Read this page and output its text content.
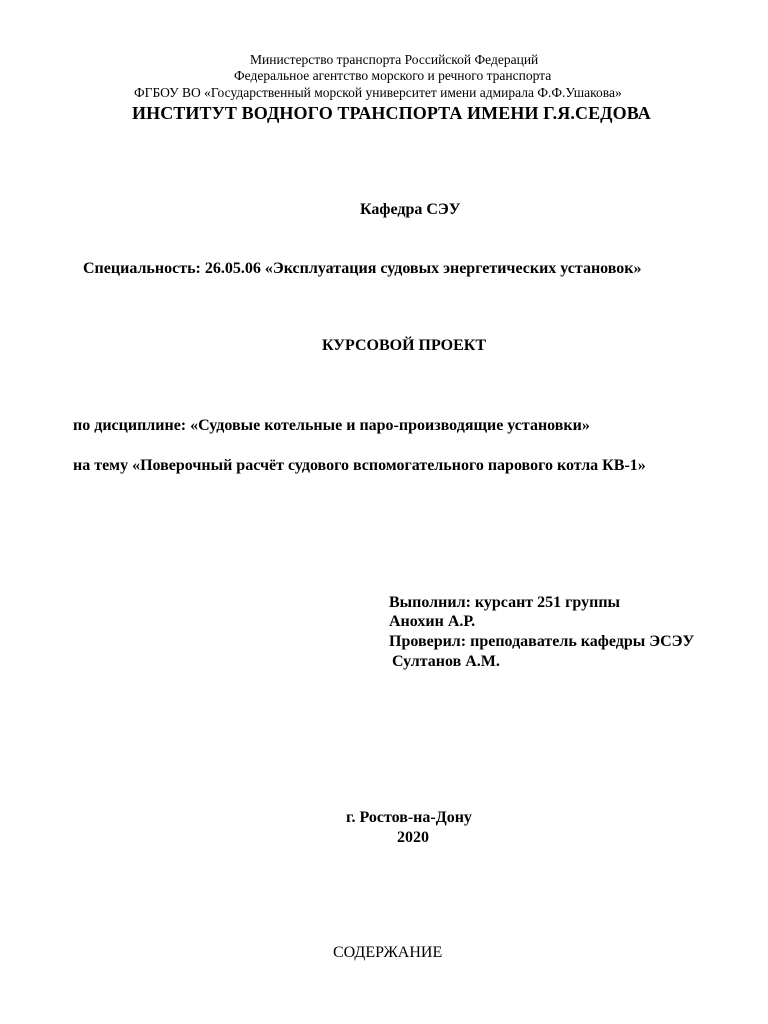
Министерство транспорта Российской Федераций
Федеральное агентство морского и речного транспорта
ФГБОУ ВО «Государственный морской университет имени адмирала Ф.Ф.Ушакова»
ИНСТИТУТ ВОДНОГО ТРАНСПОРТА ИМЕНИ Г.Я.СЕДОВА
Кафедра СЭУ
Специальность: 26.05.06 «Эксплуатация судовых энергетических установок»
КУРСОВОЙ ПРОЕКТ
по дисциплине: «Судовые котельные и паро-производящие установки»
на тему «Поверочный расчёт судового вспомогательного парового котла КВ-1»
Выполнил: курсант 251 группы
Анохин А.Р.
Проверил: преподаватель кафедры ЭСЭУ
Султанов А.М.
г. Ростов-на-Дону
2020
СОДЕРЖАНИЕ
